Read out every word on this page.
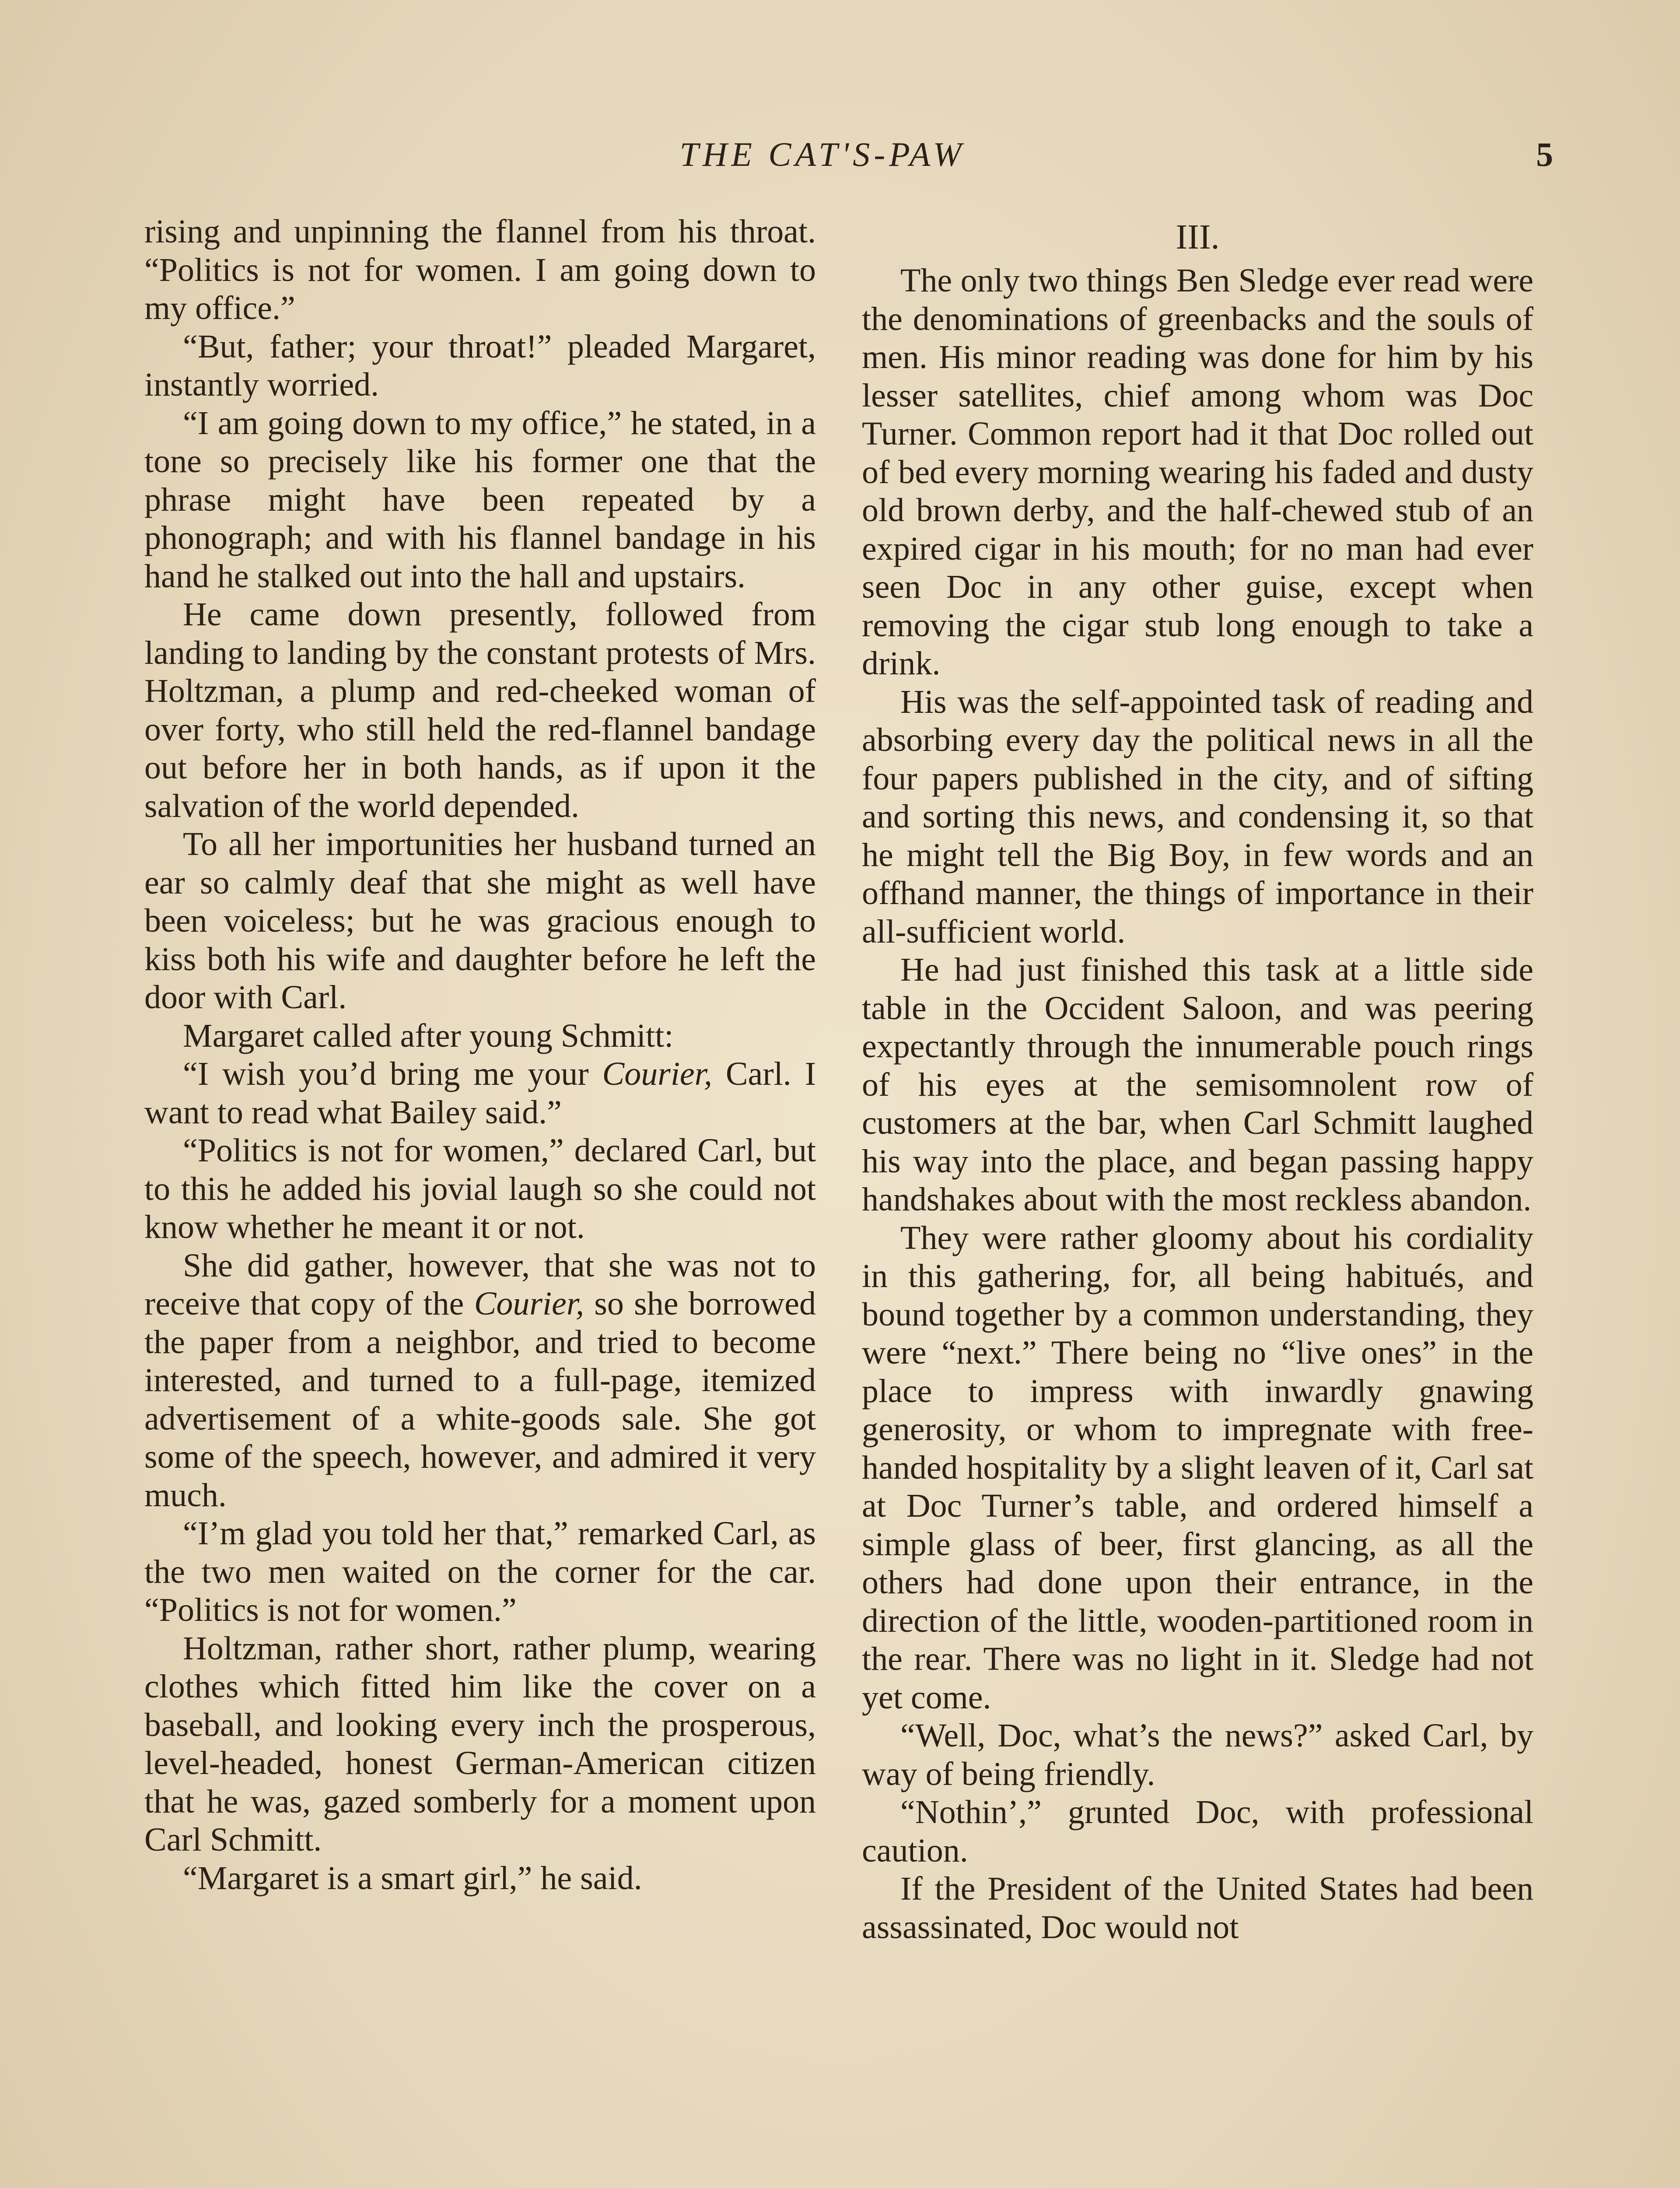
THE CAT'S-PAW	5

rising and unpinning the flannel from his throat. “Politics is not for women. I am going down to my office.”

“But, father; your throat!” pleaded Margaret, instantly worried.

“I am going down to my office,” he stated, in a tone so precisely like his former one that the phrase might have been repeated by a phonograph; and with his flannel bandage in his hand he stalked out into the hall and upstairs.

He came down presently, followed from landing to landing by the constant protests of Mrs. Holtzman, a plump and red-cheeked woman of over forty, who still held the red-flannel bandage out before her in both hands, as if upon it the salvation of the world depended.

To all her importunities her husband turned an ear so calmly deaf that she might as well have been voiceless; but he was gracious enough to kiss both his wife and daughter before he left the door with Carl.

Margaret called after young Schmitt:

“I wish you’d bring me your Courier, Carl. I want to read what Bailey said.”

“Politics is not for women,” declared Carl, but to this he added his jovial laugh so she could not know whether he meant it or not.

She did gather, however, that she was not to receive that copy of the Courier, so she borrowed the paper from a neighbor, and tried to become interested, and turned to a full-page, itemized advertisement of a white-goods sale. She got some of the speech, however, and admired it very much.

“I’m glad you told her that,” remarked Carl, as the two men waited on the corner for the car. “Politics is not for women.”

Holtzman, rather short, rather plump, wearing clothes which fitted him like the cover on a baseball, and looking every inch the prosperous, level-headed, honest German-American citizen that he was, gazed somberly for a moment upon Carl Schmitt.

“Margaret is a smart girl,” he said.

III.

The only two things Ben Sledge ever read were the denominations of greenbacks and the souls of men. His minor reading was done for him by his lesser satellites, chief among whom was Doc Turner. Common report had it that Doc rolled out of bed every morning wearing his faded and dusty old brown derby, and the half-chewed stub of an expired cigar in his mouth; for no man had ever seen Doc in any other guise, except when removing the cigar stub long enough to take a drink.

His was the self-appointed task of reading and absorbing every day the political news in all the four papers published in the city, and of sifting and sorting this news, and condensing it, so that he might tell the Big Boy, in few words and an offhand manner, the things of importance in their all-sufficient world.

He had just finished this task at a little side table in the Occident Saloon, and was peering expectantly through the innumerable pouch rings of his eyes at the semisomnolent row of customers at the bar, when Carl Schmitt laughed his way into the place, and began passing happy handshakes about with the most reckless abandon.

They were rather gloomy about his cordiality in this gathering, for, all being habitués, and bound together by a common understanding, they were “next.” There being no “live ones” in the place to impress with inwardly gnawing generosity, or whom to impregnate with free-handed hospitality by a slight leaven of it, Carl sat at Doc Turner’s table, and ordered himself a simple glass of beer, first glancing, as all the others had done upon their entrance, in the direction of the little, wooden-partitioned room in the rear. There was no light in it. Sledge had not yet come.

“Well, Doc, what’s the news?” asked Carl, by way of being friendly.

“Nothin’,” grunted Doc, with professional caution.

If the President of the United States had been assassinated, Doc would not
